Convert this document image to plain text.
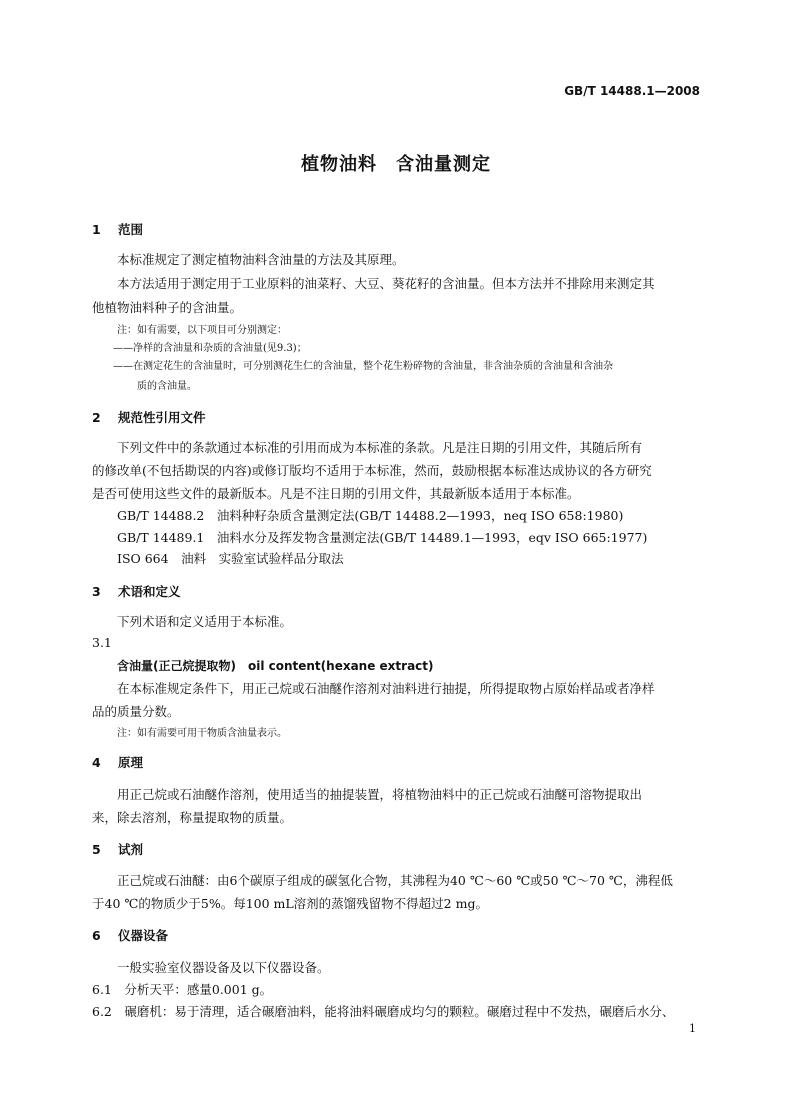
GB/T 14488.1—2008
植物油料　含油量测定
1 范围
本标准规定了测定植物油料含油量的方法及其原理。
本方法适用于测定用于工业原料的油菜籽、大豆、葵花籽的含油量。但本方法并不排除用来测定其
他植物油料种子的含油量。
注：如有需要，以下项目可分别测定：
——净样的含油量和杂质的含油量(见9.3)；
——在测定花生的含油量时，可分别测花生仁的含油量，整个花生粉碎物的含油量，非含油杂质的含油量和含油杂
质的含油量。
2 规范性引用文件
下列文件中的条款通过本标准的引用而成为本标准的条款。凡是注日期的引用文件，其随后所有
的修改单(不包括勘误的内容)或修订版均不适用于本标准，然而，鼓励根据本标准达成协议的各方研究
是否可使用这些文件的最新版本。凡是不注日期的引用文件，其最新版本适用于本标准。
GB/T 14488.2　油料种籽杂质含量测定法(GB/T 14488.2—1993，neq ISO 658:1980)
GB/T 14489.1　油料水分及挥发物含量测定法(GB/T 14489.1—1993，eqv ISO 665:1977)
ISO 664　油料　实验室试验样品分取法
3 术语和定义
下列术语和定义适用于本标准。
3.1
含油量(正己烷提取物)　oil content(hexane extract)
在本标准规定条件下，用正己烷或石油醚作溶剂对油料进行抽提，所得提取物占原始样品或者净样
品的质量分数。
注：如有需要可用干物质含油量表示。
4 原理
用正己烷或石油醚作溶剂，使用适当的抽提装置，将植物油料中的正己烷或石油醚可溶物提取出
来，除去溶剂，称量提取物的质量。
5 试剂
正己烷或石油醚：由6个碳原子组成的碳氢化合物，其沸程为40 ℃～60 ℃或50 ℃～70 ℃，沸程低
于40 ℃的物质少于5%。每100 mL溶剂的蒸馏残留物不得超过2 mg。
6 仪器设备
一般实验室仪器设备及以下仪器设备。
6.1　分析天平：感量0.001 g。
6.2　碾磨机：易于清理，适合碾磨油料，能将油料碾磨成均匀的颗粒。碾磨过程中不发热，碾磨后水分、
1
